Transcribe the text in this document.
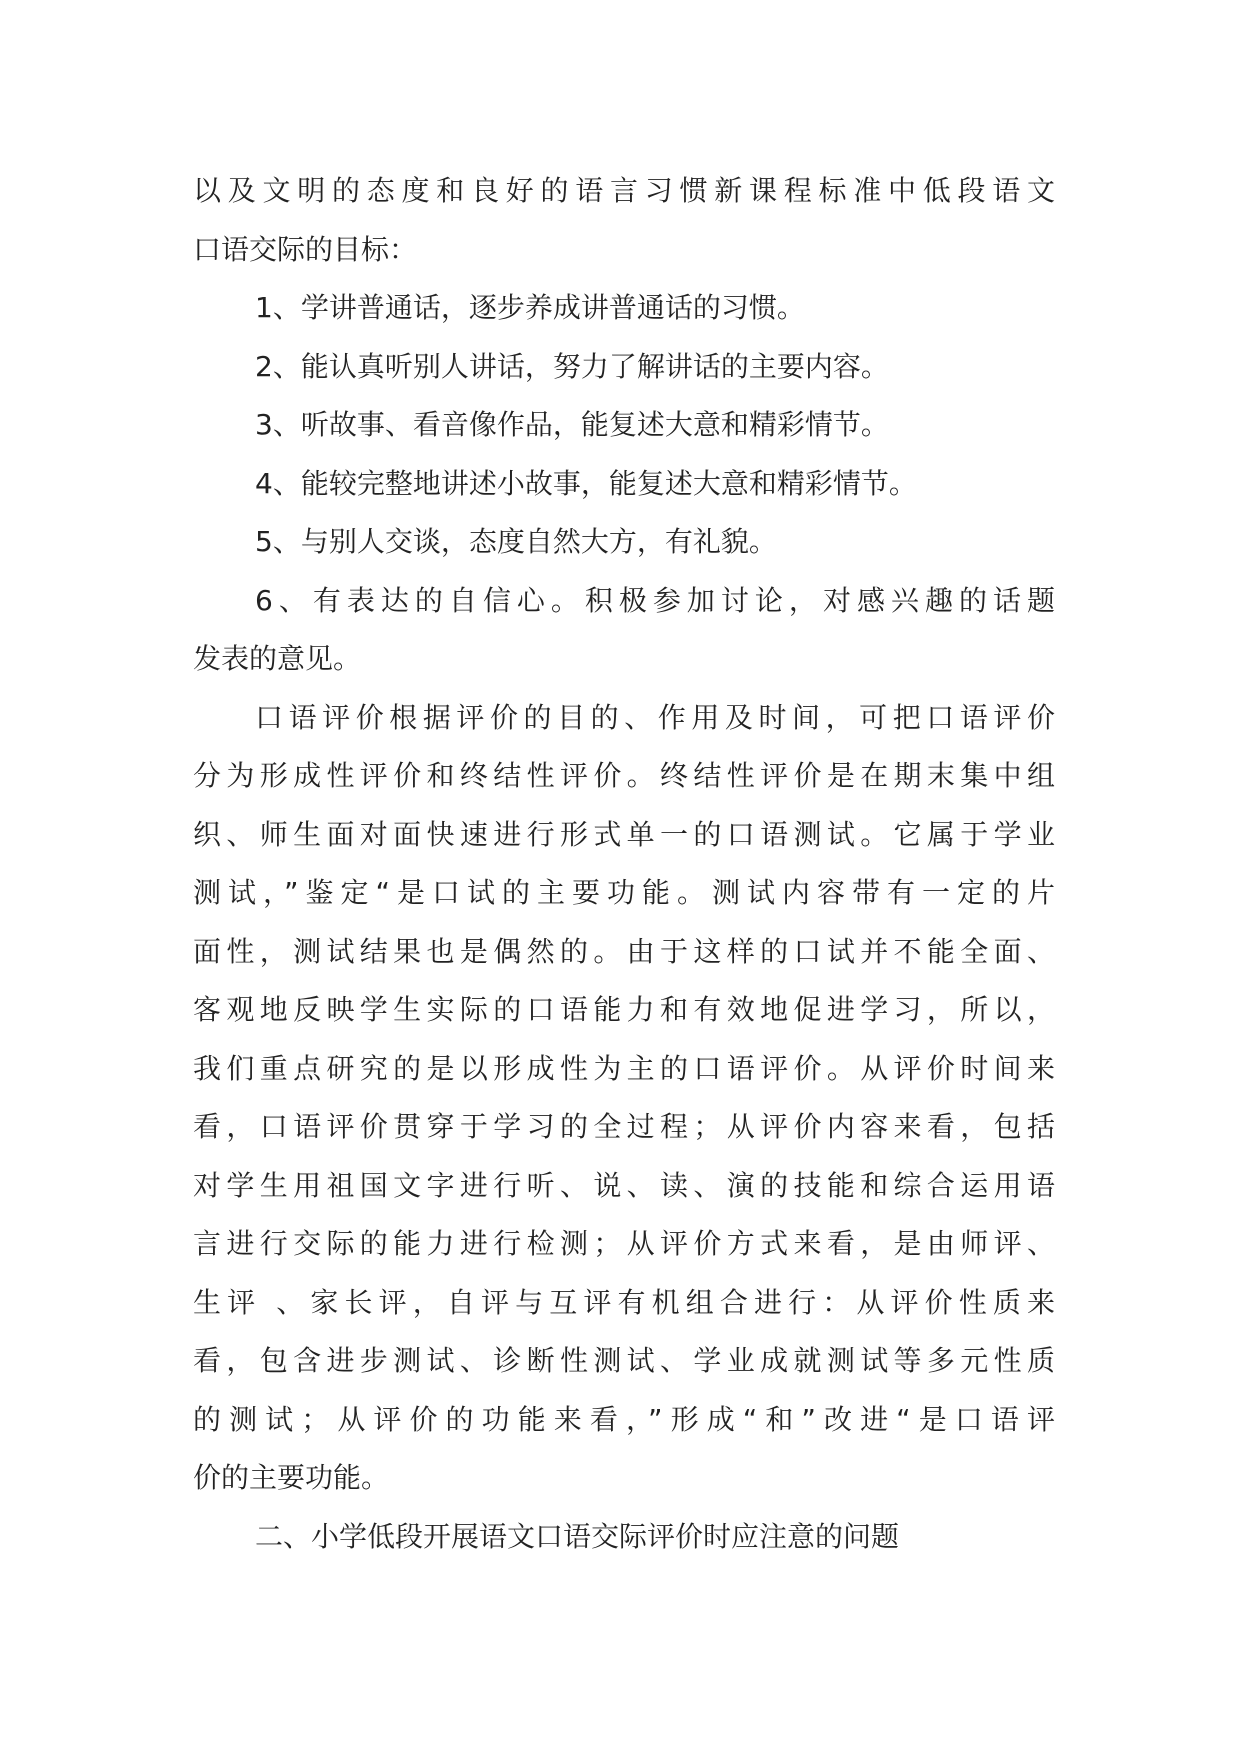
以及文明的态度和良好的语言习惯新课程标准中低段语文
口语交际的目标：
1、学讲普通话，逐步养成讲普通话的习惯。
2、能认真听别人讲话，努力了解讲话的主要内容。
3、听故事、看音像作品，能复述大意和精彩情节。
4、能较完整地讲述小故事，能复述大意和精彩情节。
5、与别人交谈，态度自然大方，有礼貌。
6、有表达的自信心。积极参加讨论，对感兴趣的话题
发表的意见。
口语评价根据评价的目的、作用及时间，可把口语评价
分为形成性评价和终结性评价。终结性评价是在期末集中组
织、师生面对面快速进行形式单一的口语测试。它属于学业
测试，”鉴定“是口试的主要功能。测试内容带有一定的片
面性，测试结果也是偶然的。由于这样的口试并不能全面、
客观地反映学生实际的口语能力和有效地促进学习，所以，
我们重点研究的是以形成性为主的口语评价。从评价时间来
看，口语评价贯穿于学习的全过程；从评价内容来看，包括
对学生用祖国文字进行听、说、读、演的技能和综合运用语
言进行交际的能力进行检测；从评价方式来看，是由师评、
生评 、家长评，自评与互评有机组合进行：从评价性质来
看，包含进步测试、诊断性测试、学业成就测试等多元性质
的测试；从评价的功能来看，”形成“和”改进“是口语评
价的主要功能。
二、小学低段开展语文口语交际评价时应注意的问题
